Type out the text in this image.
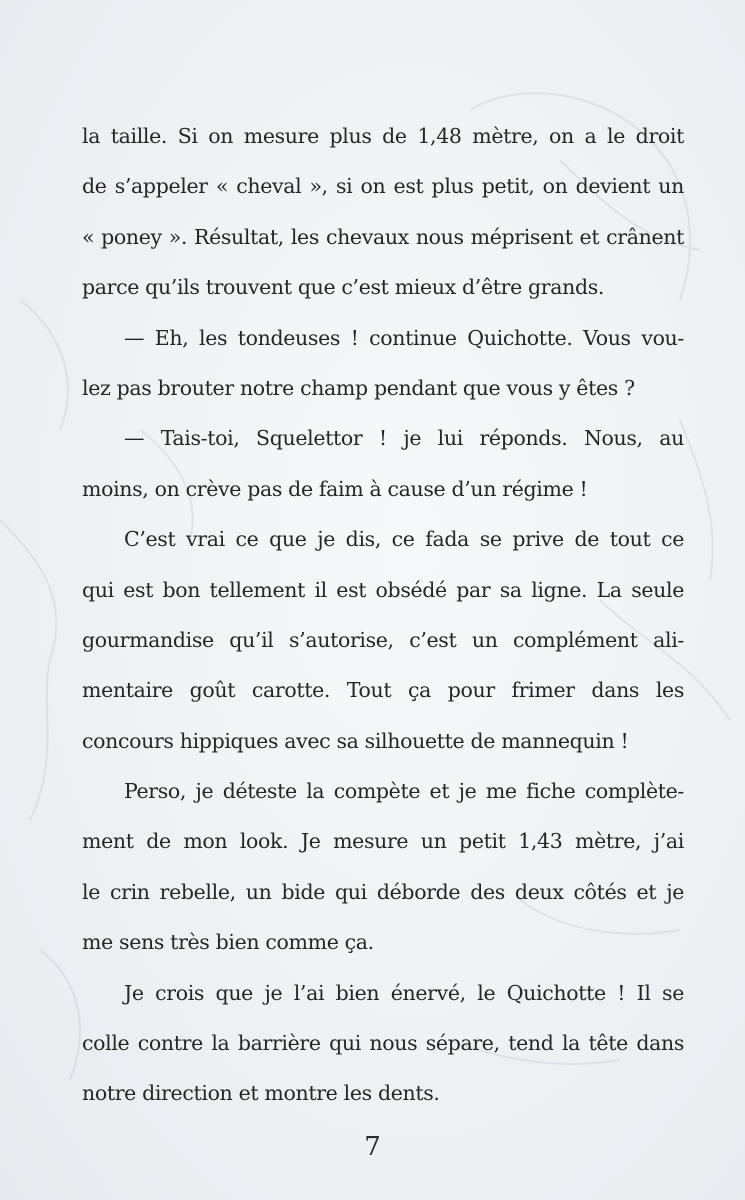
la taille. Si on mesure plus de 1,48 mètre, on a le droit
de s’appeler « cheval », si on est plus petit, on devient un
« poney ». Résultat, les chevaux nous méprisent et crânent
parce qu’ils trouvent que c’est mieux d’être grands.
— Eh, les tondeuses ! continue Quichotte. Vous vou-
lez pas brouter notre champ pendant que vous y êtes ?
— Tais-toi, Squelettor ! je lui réponds. Nous, au
moins, on crève pas de faim à cause d’un régime !
C’est vrai ce que je dis, ce fada se prive de tout ce
qui est bon tellement il est obsédé par sa ligne. La seule
gourmandise qu’il s’autorise, c’est un complément ali-
mentaire goût carotte. Tout ça pour frimer dans les
concours hippiques avec sa silhouette de mannequin !
Perso, je déteste la compète et je me fiche complète-
ment de mon look. Je mesure un petit 1,43 mètre, j’ai
le crin rebelle, un bide qui déborde des deux côtés et je
me sens très bien comme ça.
Je crois que je l’ai bien énervé, le Quichotte ! Il se
colle contre la barrière qui nous sépare, tend la tête dans
notre direction et montre les dents.
7
